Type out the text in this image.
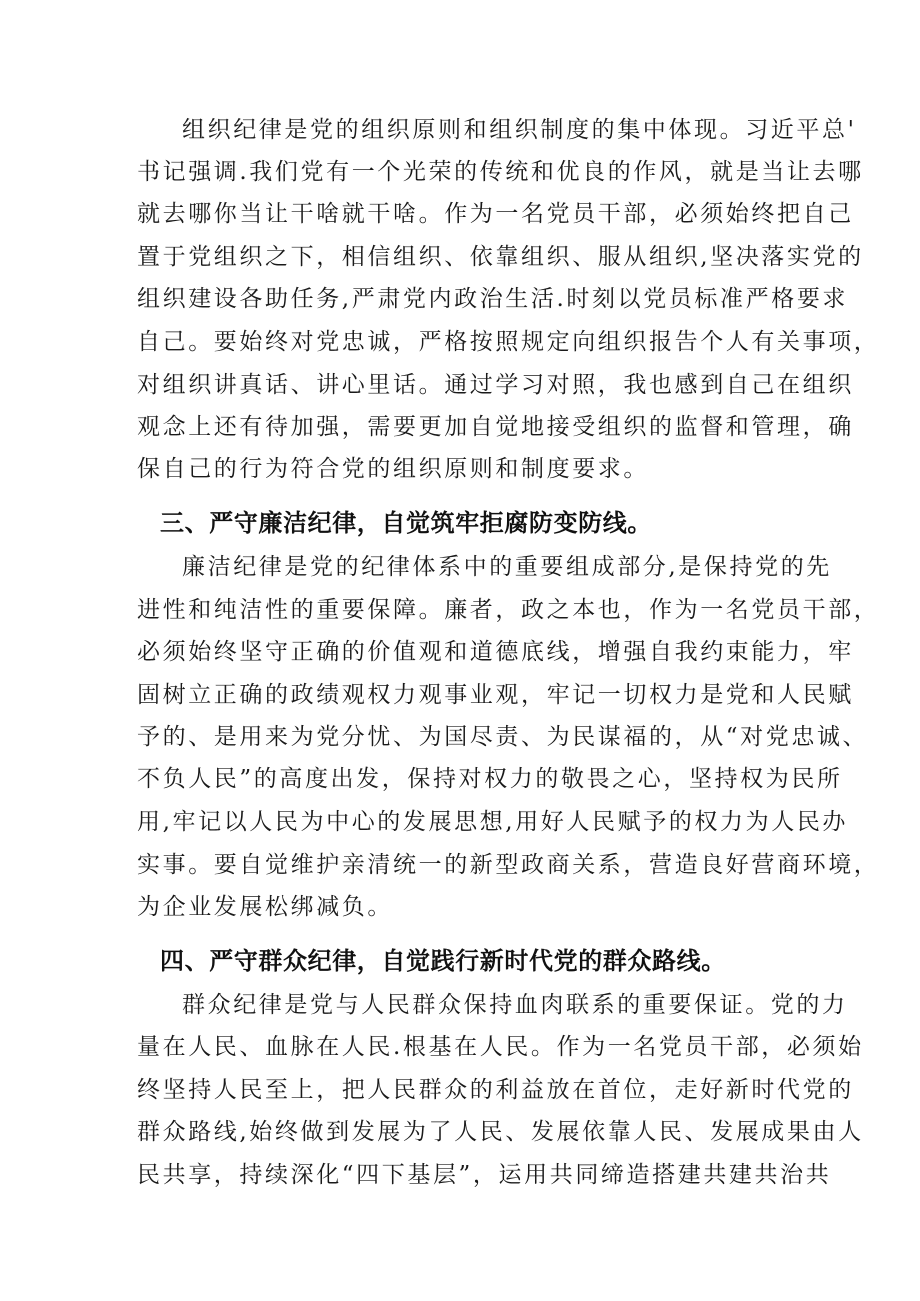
组织纪律是党的组织原则和组织制度的集中体现。习近平总'
书记强调.我们党有一个光荣的传统和优良的作风，就是当让去哪
就去哪你当让干啥就干啥。作为一名党员干部，必须始终把自己
置于党组织之下，相信组织、依靠组织、服从组织,坚决落实党的
组织建设各助任务,严肃党内政治生活.时刻以党员标准严格要求
自己。要始终对党忠诚，严格按照规定向组织报告个人有关事项，
对组织讲真话、讲心里话。通过学习对照，我也感到自己在组织
观念上还有待加强，需要更加自觉地接受组织的监督和管理，确
保自己的行为符合党的组织原则和制度要求。
三、严守廉洁纪律，自觉筑牢拒腐防变防线。
廉洁纪律是党的纪律体系中的重要组成部分,是保持党的先
进性和纯洁性的重要保障。廉者，政之本也，作为一名党员干部，
必须始终坚守正确的价值观和道德底线，增强自我约束能力，牢
固树立正确的政绩观权力观事业观，牢记一切权力是党和人民赋
予的、是用来为党分忧、为国尽责、为民谋福的，从“对党忠诚、
不负人民”的高度出发，保持对权力的敬畏之心，坚持权为民所
用,牢记以人民为中心的发展思想,用好人民赋予的权力为人民办
实事。要自觉维护亲清统一的新型政商关系，营造良好营商环境，
为企业发展松绑减负。
四、严守群众纪律，自觉践行新时代党的群众路线。
群众纪律是党与人民群众保持血肉联系的重要保证。党的力
量在人民、血脉在人民.根基在人民。作为一名党员干部，必须始
终坚持人民至上，把人民群众的利益放在首位，走好新时代党的
群众路线,始终做到发展为了人民、发展依靠人民、发展成果由人
民共享，持续深化“四下基层”，运用共同缔造搭建共建共治共
